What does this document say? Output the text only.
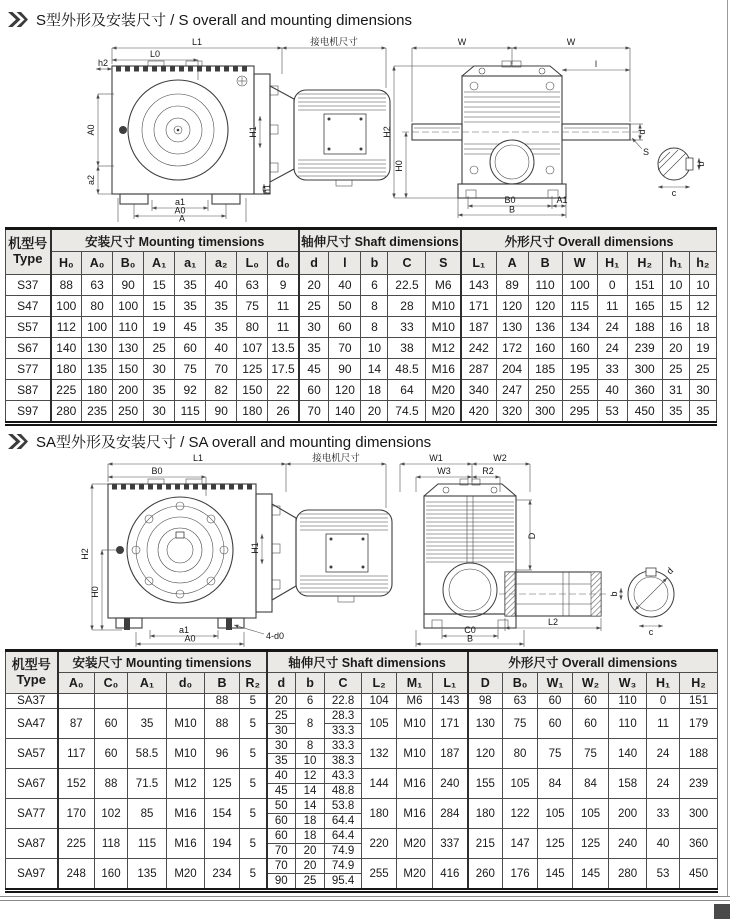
S型外形及安装尺寸 / S overall and mounting dimensions
L1	接电机尺寸
L0
h2
H1
A0
a2
a1
A0
A
h1
W	W
l
H2
H0
d
S
b
c
B0	A1
B
机型号
Type	安装尺寸 Mounting timensions								轴伸尺寸 Shaft dimensions					外形尺寸 Overall dimensions							
	H₀	A₀	B₀	A₁	a₁	a₂	L₀	d₀	d	l	b	C	S	L₁	A	B	W	H₁	H₂	h₁	h₂
S37	88	63	90	15	35	40	63	9	20	40	6	22.5	M6	143	89	110	100	0	151	10	10
S47	100	80	100	15	35	35	75	11	25	50	8	28	M10	171	120	120	115	11	165	15	12
S57	112	100	110	19	45	35	80	11	30	60	8	33	M10	187	130	136	134	24	188	16	18
S67	140	130	130	25	60	40	107	13.5	35	70	10	38	M12	242	172	160	160	24	239	20	19
S77	180	135	150	30	75	70	125	17.5	45	90	14	48.5	M16	287	204	185	195	33	300	25	25
S87	225	180	200	35	92	82	150	22	60	120	18	64	M20	340	247	250	255	40	360	31	30
S97	280	235	250	30	115	90	180	26	70	140	20	74.5	M20	420	320	300	295	53	450	35	35
SA型外形及安装尺寸 / SA overall and mounting dimensions
L1	接电机尺寸
B0
H1
H2
H0
4-d0
a1
A0
W1	W2
W3	R2
D
C0
B
L2
d
b
c
机型号
Type	安装尺寸 Mounting timensions						轴伸尺寸 Shaft dimensions						外形尺寸 Overall dimensions						
	A₀	C₀	A₁	d₀	B	R₂	d	b	C	L₂	M₁	L₁	D	B₀	W₁	W₂	W₃	H₁	H₂
SA37					88	5	20	6	22.8	104	M6	143	98	63	60	60	110	0	151
SA47	87	60	35	M10	88	5	25	8	28.3	105	M10	171	130	75	60	60	110	11	179
							30		33.3										
SA57	117	60	58.5	M10	96	5	30	8	33.3	132	M10	187	120	80	75	75	140	24	188
							35	10	38.3										
SA67	152	88	71.5	M12	125	5	40	12	43.3	144	M16	240	155	105	84	84	158	24	239
							45	14	48.8										
SA77	170	102	85	M16	154	5	50	14	53.8	180	M16	284	180	122	105	105	200	33	300
							60	18	64.4										
SA87	225	118	115	M16	194	5	60	18	64.4	220	M20	337	215	147	125	125	240	40	360
							70	20	74.9										
SA97	248	160	135	M20	234	5	70	20	74.9	255	M20	416	260	176	145	145	280	53	450
							90	25	95.4										
